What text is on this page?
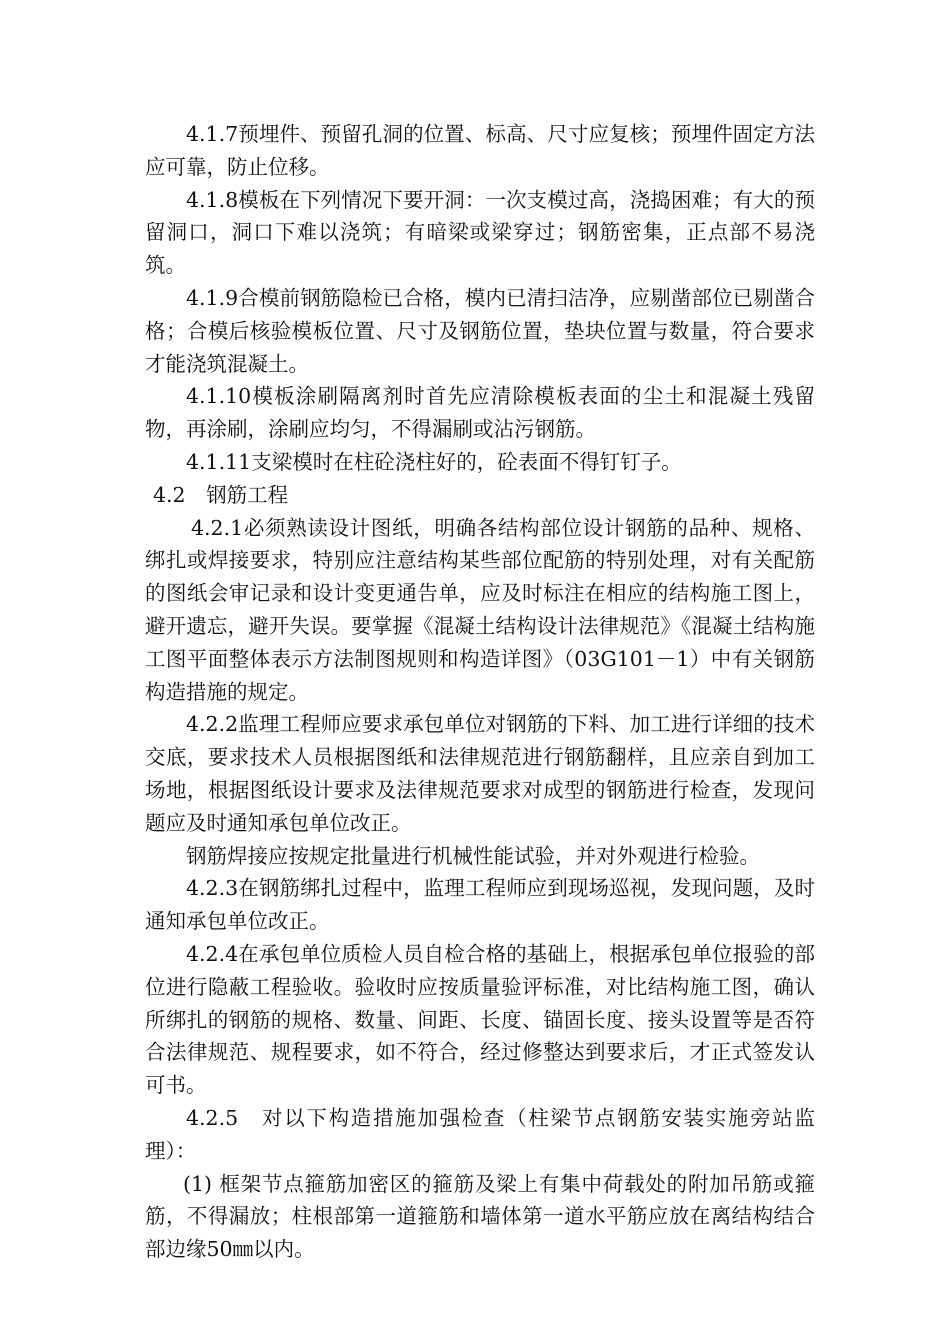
4.1.7预埋件、预留孔洞的位置、标高、尺寸应复核；预埋件固定方法应可靠，防止位移。

4.1.8模板在下列情况下要开洞：一次支模过高，浇捣困难；有大的预留洞口，洞口下难以浇筑；有暗梁或梁穿过；钢筋密集，正点部不易浇筑。

4.1.9合模前钢筋隐检已合格，模内已清扫洁净，应剔凿部位已剔凿合格；合模后核验模板位置、尺寸及钢筋位置，垫块位置与数量，符合要求才能浇筑混凝土。

4.1.10模板涂刷隔离剂时首先应清除模板表面的尘土和混凝土残留物，再涂刷，涂刷应均匀，不得漏刷或沾污钢筋。

4.1.11支梁模时在柱砼浇柱好的，砼表面不得钉钉子。

4.2　钢筋工程

4.2.1必须熟读设计图纸，明确各结构部位设计钢筋的品种、规格、绑扎或焊接要求，特别应注意结构某些部位配筋的特别处理，对有关配筋的图纸会审记录和设计变更通告单，应及时标注在相应的结构施工图上，避开遗忘，避开失误。要掌握《混凝土结构设计法律规范》《混凝土结构施工图平面整体表示方法制图规则和构造详图》（03G101－1）中有关钢筋构造措施的规定。

4.2.2监理工程师应要求承包单位对钢筋的下料、加工进行详细的技术交底，要求技术人员根据图纸和法律规范进行钢筋翻样，且应亲自到加工场地，根据图纸设计要求及法律规范要求对成型的钢筋进行检查，发现问题应及时通知承包单位改正。

钢筋焊接应按规定批量进行机械性能试验，并对外观进行检验。

4.2.3在钢筋绑扎过程中，监理工程师应到现场巡视，发现问题，及时通知承包单位改正。

4.2.4在承包单位质检人员自检合格的基础上，根据承包单位报验的部位进行隐蔽工程验收。验收时应按质量验评标准，对比结构施工图，确认所绑扎的钢筋的规格、数量、间距、长度、锚固长度、接头设置等是否符合法律规范、规程要求，如不符合，经过修整达到要求后，才正式签发认可书。

4.2.5　对以下构造措施加强检查（柱梁节点钢筋安装实施旁站监理）：

(1) 框架节点箍筋加密区的箍筋及梁上有集中荷载处的附加吊筋或箍筋，不得漏放；柱根部第一道箍筋和墙体第一道水平筋应放在离结构结合部边缘50㎜以内。
